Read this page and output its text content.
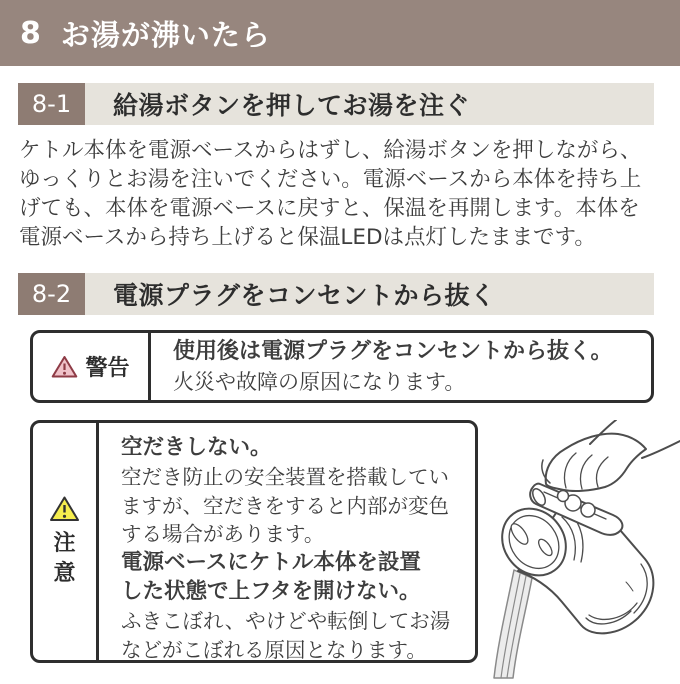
8 お湯が沸いたら
8-1	給湯ボタンを押してお湯を注ぐ
ケトル本体を電源ベースからはずし、給湯ボタンを押しながら、
ゆっくりとお湯を注いでください。電源ベースから本体を持ち上
げても、本体を電源ベースに戻すと、保温を再開します。本体を
電源ベースから持ち上げると保温LEDは点灯したままです。
8-2	電源プラグをコンセントから抜く
警告
使用後は電源プラグをコンセントから抜く。
火災や故障の原因になります。
注意
空だきしない。
空だき防止の安全装置を搭載してい
ますが、空だきをすると内部が変色
する場合があります。
電源ベースにケトル本体を設置
した状態で上フタを開けない。
ふきこぼれ、やけどや転倒してお湯
などがこぼれる原因となります。
